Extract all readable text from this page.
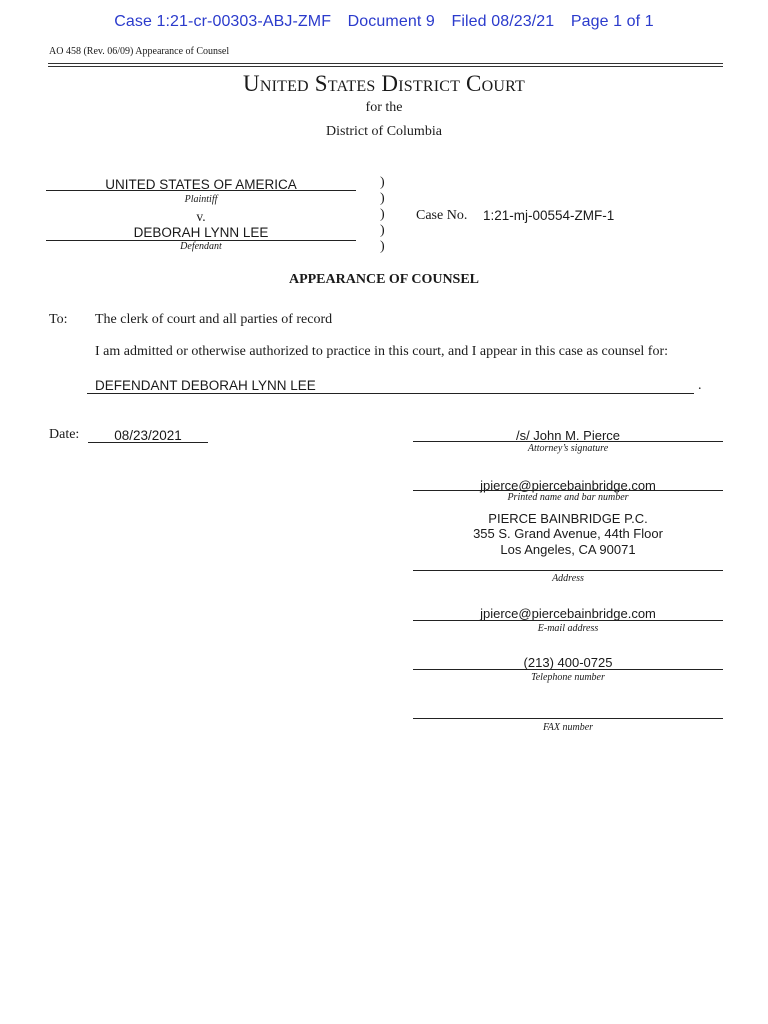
Case 1:21-cr-00303-ABJ-ZMF Document 9 Filed 08/23/21 Page 1 of 1
AO 458 (Rev. 06/09) Appearance of Counsel
United States District Court
for the
District of Columbia
UNITED STATES OF AMERICA
Plaintiff
v.
DEBORAH LYNN LEE
Defendant
)
)
)
)
)
Case No. 1:21-mj-00554-ZMF-1
APPEARANCE OF COUNSEL
To: The clerk of court and all parties of record
I am admitted or otherwise authorized to practice in this court, and I appear in this case as counsel for:
DEFENDANT DEBORAH LYNN LEE	.
Date:	08/23/2021	/s/ John M. Pierce
Attorney’s signature
jpierce@piercebainbridge.com
Printed name and bar number
PIERCE BAINBRIDGE P.C.
355 S. Grand Avenue, 44th Floor
Los Angeles, CA 90071
Address
jpierce@piercebainbridge.com
E-mail address
(213) 400-0725
Telephone number
FAX number
